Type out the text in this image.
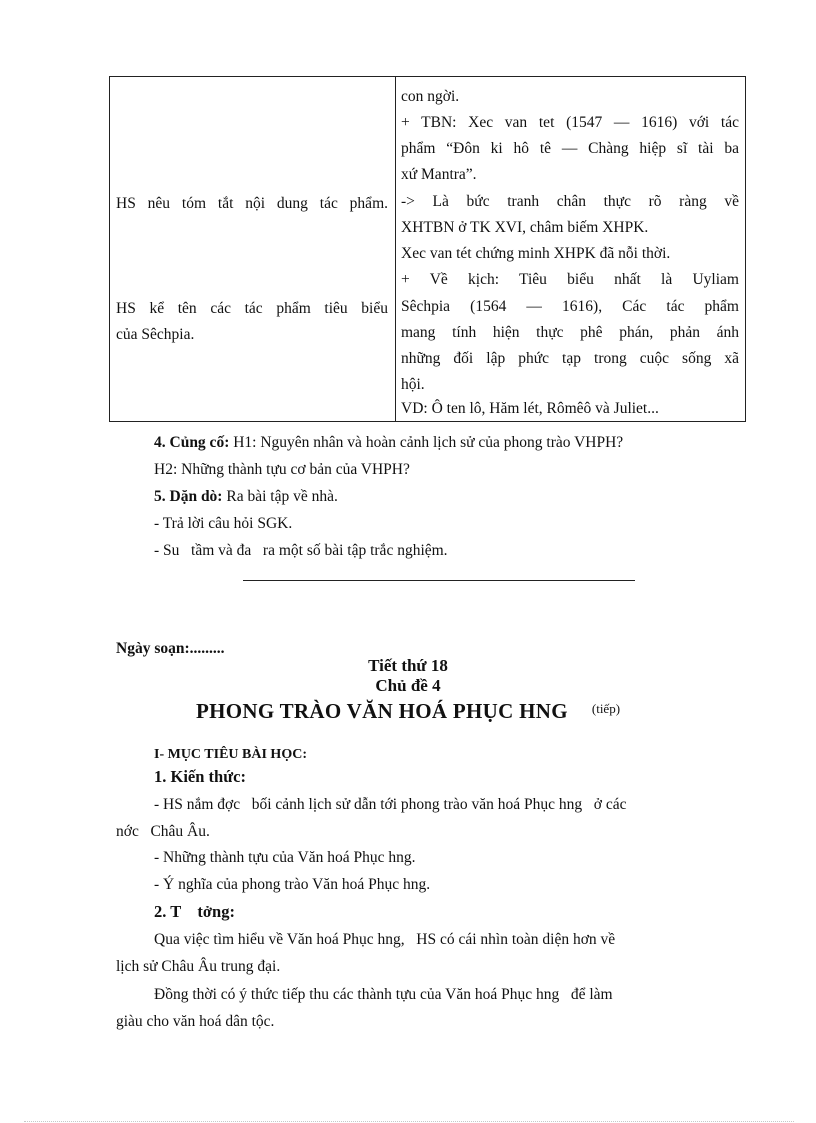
HS nêu tóm tắt nội dung tác phẩm.
HS kể tên các tác phẩm tiêu biểu
của Sêchpia.
con ngời.
+ TBN: Xec van tet (1547 — 1616) với tác
phẩm “Đôn ki hô tê — Chàng hiệp sĩ tài ba
xứ Mantra”.
-> Là bức tranh chân thực rõ ràng về
XHTBN ở TK XVI, châm biếm XHPK.
Xec van tét chứng minh XHPK đã nỗi thời.
+ Về kịch: Tiêu biểu nhất là Uyliam
Sêchpia (1564 — 1616), Các tác phẩm
mang tính hiện thực phê phán, phản ánh
những đối lập phức tạp trong cuộc sống xã
hội.
VD: Ô ten lô, Hăm lét, Rômêô và Juliet...
4. Củng cố: H1: Nguyên nhân và hoàn cảnh lịch sử của phong trào VHPH?
H2: Những thành tựu cơ bản của VHPH?
5. Dặn dò: Ra bài tập về nhà.
- Trả lời câu hỏi SGK.
- Su   tầm và đa   ra một số bài tập trắc nghiệm.
Ngày soạn:.........
Tiết thứ 18
Chủ đề 4
PHONG TRÀO VĂN HOÁ PHỤC HNG $^{(tiếp)}$
I- MỤC TIÊU BÀI HỌC:
1. Kiến thức:
- HS nắm đợc   bối cảnh lịch sử dẫn tới phong trào văn hoá Phục hng   ở các
nớc   Châu Âu.
- Những thành tựu của Văn hoá Phục hng.
- Ý nghĩa của phong trào Văn hoá Phục hng.
2. T    tởng:
Qua việc tìm hiểu về Văn hoá Phục hng,   HS có cái nhìn toàn diện hơn về
lịch sử Châu Âu trung đại.
Đồng thời có ý thức tiếp thu các thành tựu của Văn hoá Phục hng   để làm
giàu cho văn hoá dân tộc.
